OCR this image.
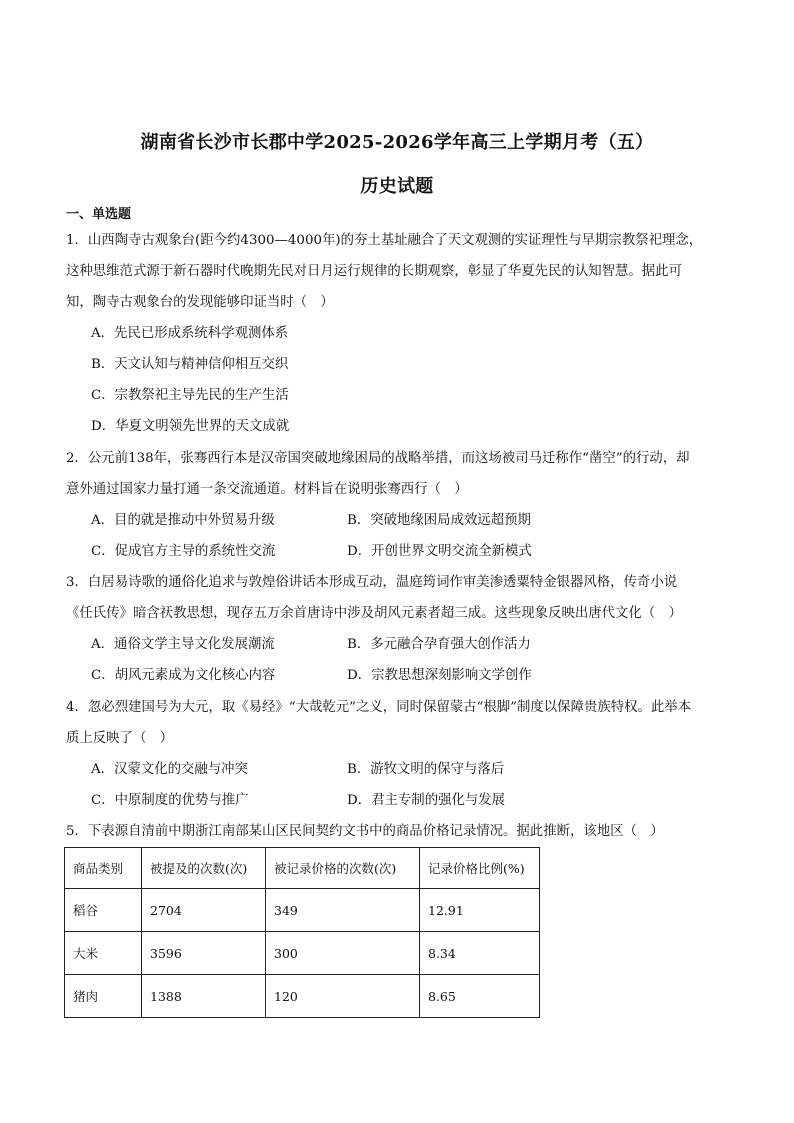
湖南省长沙市长郡中学2025-2026学年高三上学期月考（五）
历史试题
一、单选题
1．山西陶寺古观象台(距今约4300—4000年)的夯土基址融合了天文观测的实证理性与早期宗教祭祀理念，
这种思维范式源于新石器时代晚期先民对日月运行规律的长期观察，彰显了华夏先民的认知智慧。据此可
知，陶寺古观象台的发现能够印证当时（　）
A．先民已形成系统科学观测体系
B．天文认知与精神信仰相互交织
C．宗教祭祀主导先民的生产生活
D．华夏文明领先世界的天文成就
2．公元前138年，张骞西行本是汉帝国突破地缘困局的战略举措，而这场被司马迁称作“凿空”的行动，却
意外通过国家力量打通一条交流通道。材料旨在说明张骞西行（　）
A．目的就是推动中外贸易升级	B．突破地缘困局成效远超预期
C．促成官方主导的系统性交流	D．开创世界文明交流全新模式
3．白居易诗歌的通俗化追求与敦煌俗讲话本形成互动，温庭筠词作审美渗透粟特金银器风格，传奇小说
《任氏传》暗含祆教思想，现存五万余首唐诗中涉及胡风元素者超三成。这些现象反映出唐代文化（　）
A．通俗文学主导文化发展潮流	B．多元融合孕育强大创作活力
C．胡风元素成为文化核心内容	D．宗教思想深刻影响文学创作
4．忽必烈建国号为大元，取《易经》“大哉乾元”之义，同时保留蒙古“根脚”制度以保障贵族特权。此举本
质上反映了（　）
A．汉蒙文化的交融与冲突	B．游牧文明的保守与落后
C．中原制度的优势与推广	D．君主专制的强化与发展
5．下表源自清前中期浙江南部某山区民间契约文书中的商品价格记录情况。据此推断，该地区（　）
商品类别	被提及的次数(次)	被记录价格的次数(次)	记录价格比例(%)
稻谷	2704	349	12.91
大米	3596	300	8.34
猪肉	1388	120	8.65
